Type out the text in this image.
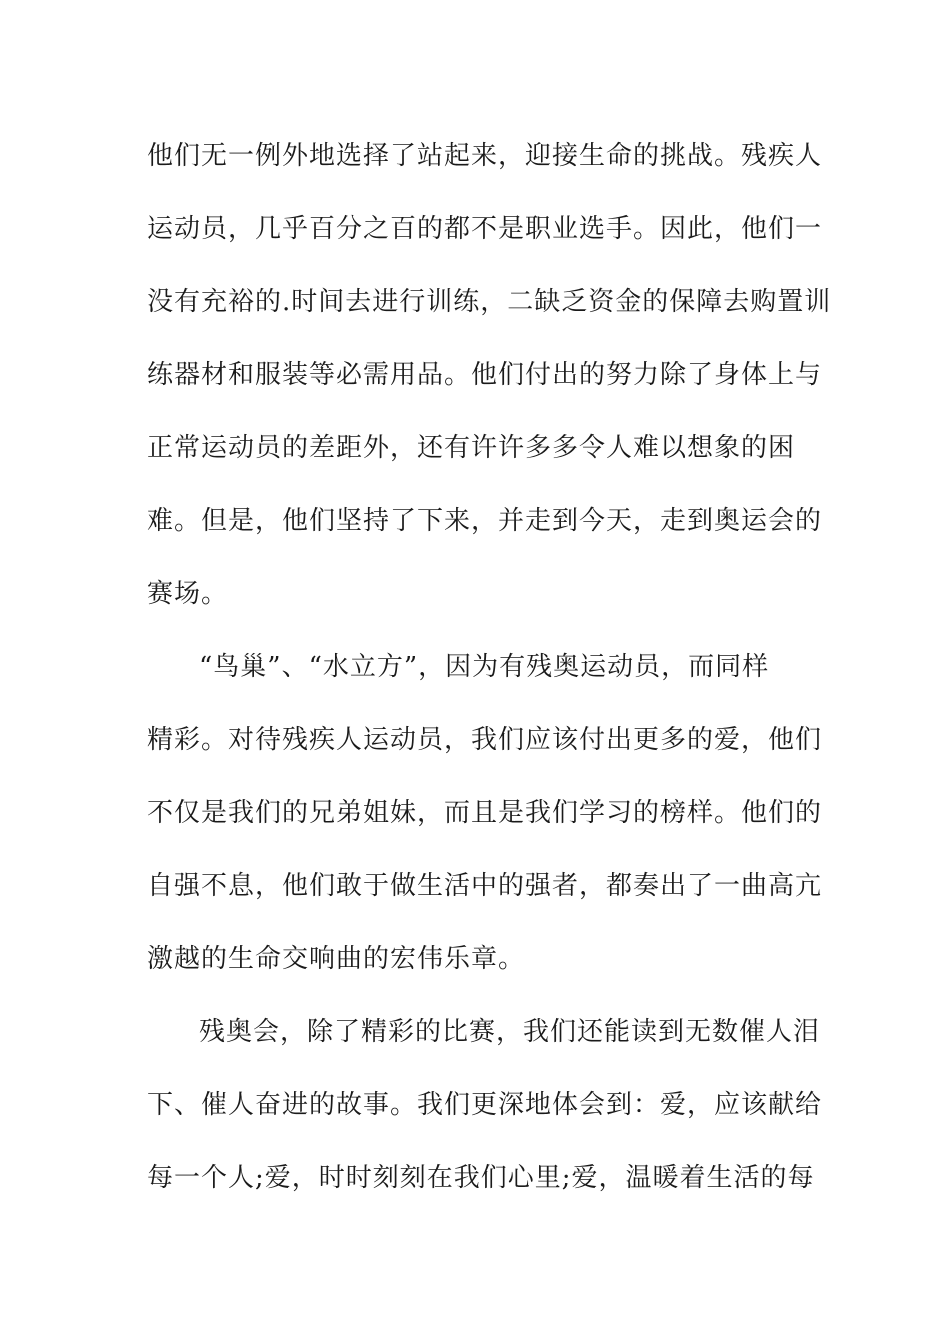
他们无一例外地选择了站起来，迎接生命的挑战。残疾人
运动员，几乎百分之百的都不是职业选手。因此，他们一
没有充裕的.时间去进行训练，二缺乏资金的保障去购置训
练器材和服装等必需用品。他们付出的努力除了身体上与
正常运动员的差距外，还有许许多多令人难以想象的困
难。但是，他们坚持了下来，并走到今天，走到奥运会的
赛场。
“鸟巢”、“水立方”，因为有残奥运动员，而同样
精彩。对待残疾人运动员，我们应该付出更多的爱，他们
不仅是我们的兄弟姐妹，而且是我们学习的榜样。他们的
自强不息，他们敢于做生活中的强者，都奏出了一曲高亢
激越的生命交响曲的宏伟乐章。
残奥会，除了精彩的比赛，我们还能读到无数催人泪
下、催人奋进的故事。我们更深地体会到：爱，应该献给
每一个人;爱，时时刻刻在我们心里;爱，温暖着生活的每
